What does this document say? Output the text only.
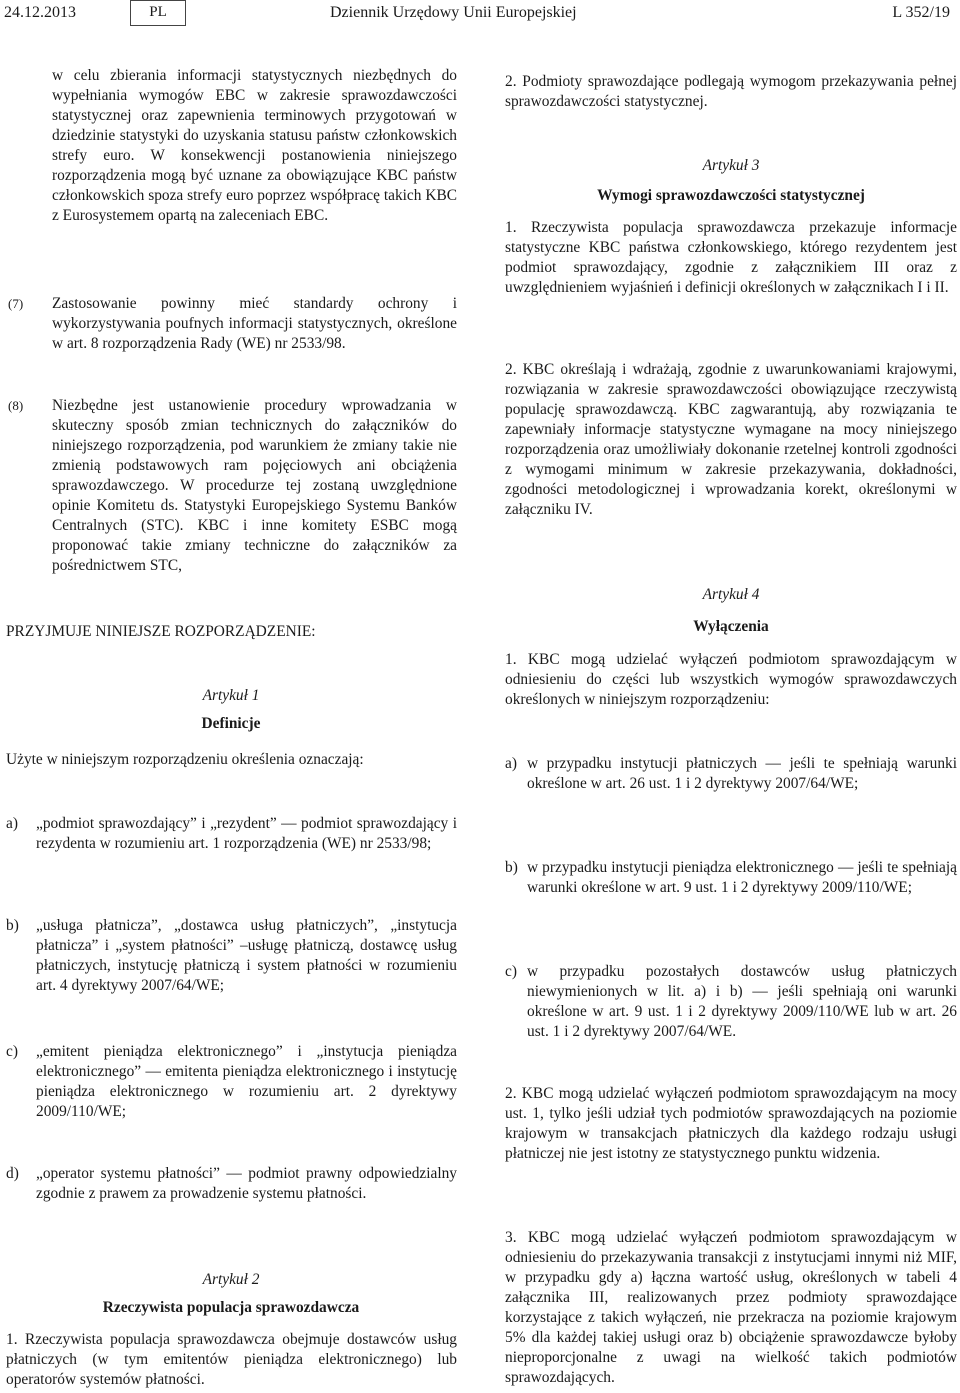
24.12.2013	PL	Dziennik Urzędowy Unii Europejskiej	L 352/19

w celu zbierania informacji statystycznych niezbędnych do wypełniania wymogów EBC w zakresie sprawozdawczości statystycznej oraz zapewnienia terminowych przygotowań w dziedzinie statystyki do uzyskania statusu państw członkowskich strefy euro. W konsekwencji postanowienia niniejszego rozporządzenia mogą być uznane za obowiązujące KBC państw członkowskich spoza strefy euro poprzez współpracę takich KBC z Eurosystemem opartą na zaleceniach EBC.

(7) Zastosowanie powinny mieć standardy ochrony i wykorzystywania poufnych informacji statystycznych, określone w art. 8 rozporządzenia Rady (WE) nr 2533/98.

(8) Niezbędne jest ustanowienie procedury wprowadzania w skuteczny sposób zmian technicznych do załączników do niniejszego rozporządzenia, pod warunkiem że zmiany takie nie zmienią podstawowych ram pojęciowych ani obciążenia sprawozdawczego. W procedurze tej zostaną uwzględnione opinie Komitetu ds. Statystyki Europejskiego Systemu Banków Centralnych (STC). KBC i inne komitety ESBC mogą proponować takie zmiany techniczne do załączników za pośrednictwem STC,

PRZYJMUJE NINIEJSZE ROZPORZĄDZENIE:
Artykuł 1
Definicje
Użyte w niniejszym rozporządzeniu określenia oznaczają:
a) „podmiot sprawozdający” i „rezydent” — podmiot sprawozdający i rezydenta w rozumieniu art. 1 rozporządzenia (WE) nr 2533/98;

b) „usługa płatnicza”, „dostawca usług płatniczych”, „instytucja płatnicza” i „system płatności” –usługę płatniczą, dostawcę usług płatniczych, instytucję płatniczą i system płatności w rozumieniu art. 4 dyrektywy 2007/64/WE;

c) „emitent pieniądza elektronicznego” i „instytucja pieniądza elektronicznego” — emitenta pieniądza elektronicznego i instytucję pieniądza elektronicznego w rozumieniu art. 2 dyrektywy 2009/110/WE;

d) „operator systemu płatności” — podmiot prawny odpowiedzialny zgodnie z prawem za prowadzenie systemu płatności.

Artykuł 2
Rzeczywista populacja sprawozdawcza

1. Rzeczywista populacja sprawozdawcza obejmuje dostawców usług płatniczych (w tym emitentów pieniądza elektronicznego) lub operatorów systemów płatności.

2. Podmioty sprawozdające podlegają wymogom przekazywania pełnej sprawozdawczości statystycznej.

Artykuł 3
Wymogi sprawozdawczości statystycznej

1. Rzeczywista populacja sprawozdawcza przekazuje informacje statystyczne KBC państwa członkowskiego, którego rezydentem jest podmiot sprawozdający, zgodnie z załącznikiem III oraz z uwzględnieniem wyjaśnień i definicji określonych w załącznikach I i II.

2. KBC określają i wdrażają, zgodnie z uwarunkowaniami krajowymi, rozwiązania w zakresie sprawozdawczości obowiązujące rzeczywistą populację sprawozdawczą. KBC zagwarantują, aby rozwiązania te zapewniały informacje statystyczne wymagane na mocy niniejszego rozporządzenia oraz umożliwiały dokonanie rzetelnej kontroli zgodności z wymogami minimum w zakresie przekazywania, dokładności, zgodności metodologicznej i wprowadzania korekt, określonymi w załączniku IV.

Artykuł 4
Wyłączenia

1. KBC mogą udzielać wyłączeń podmiotom sprawozdającym w odniesieniu do części lub wszystkich wymogów sprawozdawczych określonych w niniejszym rozporządzeniu:

a) w przypadku instytucji płatniczych — jeśli te spełniają warunki określone w art. 26 ust. 1 i 2 dyrektywy 2007/64/WE;

b) w przypadku instytucji pieniądza elektronicznego — jeśli te spełniają warunki określone w art. 9 ust. 1 i 2 dyrektywy 2009/110/WE;

c) w przypadku pozostałych dostawców usług płatniczych niewymienionych w lit. a) i b) — jeśli spełniają oni warunki określone w art. 9 ust. 1 i 2 dyrektywy 2009/110/WE lub w art. 26 ust. 1 i 2 dyrektywy 2007/64/WE.

2. KBC mogą udzielać wyłączeń podmiotom sprawozdającym na mocy ust. 1, tylko jeśli udział tych podmiotów sprawozdających na poziomie krajowym w transakcjach płatniczych dla każdego rodzaju usługi płatniczej nie jest istotny ze statystycznego punktu widzenia.

3. KBC mogą udzielać wyłączeń podmiotom sprawozdającym w odniesieniu do przekazywania transakcji z instytucjami innymi niż MIF, w przypadku gdy a) łączna wartość usług, określonych w tabeli 4 załącznika III, realizowanych przez podmioty sprawozdające korzystające z takich wyłączeń, nie przekracza na poziomie krajowym 5% dla każdej takiej usługi oraz b) obciążenie sprawozdawcze byłoby nieproporcjonalne z uwagi na wielkość takich podmiotów sprawozdających.
